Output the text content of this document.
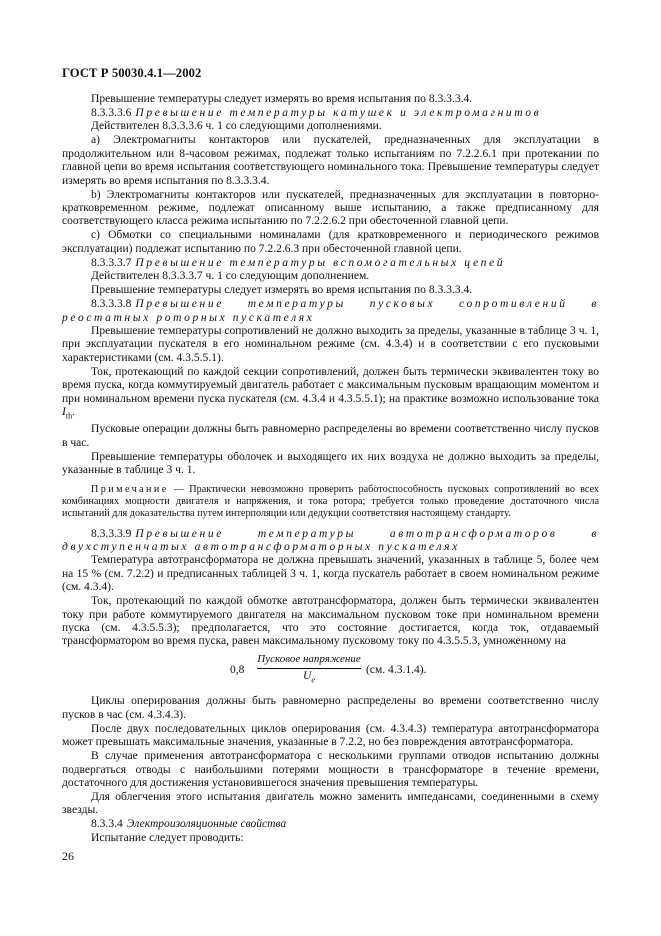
ГОСТ Р 50030.4.1—2002

Превышение температуры следует измерять во время испытания по 8.3.3.3.4.

8.3.3.3.6 Превышение температуры катушек и электромагнитов

Действителен 8.3.3.3.6 ч. 1 со следующими дополнениями.

а) Электромагниты контакторов или пускателей, предназначенных для эксплуатации в продолжительном или 8-часовом режимах, подлежат только испытаниям по 7.2.2.6.1 при протекании по главной цепи во время испытания соответствующего номинального тока. Превышение температуры следует измерять во время испытания по 8.3.3.3.4.

b) Электромагниты контакторов или пускателей, предназначенных для эксплуатации в повторно-кратковременном режиме, подлежат описанному выше испытанию, а также предписанному для соответствующего класса режима испытанию по 7.2.2.6.2 при обесточенной главной цепи.

с) Обмотки со специальными номиналами (для кратковременного и периодического режимов эксплуатации) подлежат испытанию по 7.2.2.6.3 при обесточенной главной цепи.

8.3.3.3.7 Превышение температуры вспомогательных цепей

Действителен 8.3.3.3.7 ч. 1 со следующим дополнением.

Превышение температуры следует измерять во время испытания по 8.3.3.3.4.

8.3.3.3.8 Превышение температуры пусковых сопротивлений в реостатных роторных пускателях

Превышение температуры сопротивлений не должно выходить за пределы, указанные в таблице 3 ч. 1, при эксплуатации пускателя в его номинальном режиме (см. 4.3.4) и в соответствии с его пусковыми характеристиками (см. 4.3.5.5.1).

Ток, протекающий по каждой секции сопротивлений, должен быть термически эквивалентен току во время пуска, когда коммутируемый двигатель работает с максимальным пусковым вращающим моментом и при номинальном времени пуска пускателя (см. 4.3.4 и 4.3.5.5.1); на практике возможно использование тока $I_{th}$.

Пусковые операции должны быть равномерно распределены во времени соответственно числу пусков в час.

Превышение температуры оболочек и выходящего их них воздуха не должно выходить за пределы, указанные в таблице 3 ч. 1.

Примечание — Практически невозможно проверить работоспособность пусковых сопротивлений во всех комбинациях мощности двигателя и напряжения, и тока ротора; требуется только проведение достаточного числа испытаний для доказательства путем интерполяции или дедукции соответствия настоящему стандарту.

8.3.3.3.9 Превышение температуры автотрансформаторов в двухступенчатых автотрансформаторных пускателях

Температура автотрансформатора не должна превышать значений, указанных в таблице 5, более чем на 15 % (см. 7.2.2) и предписанных таблицей 3 ч. 1, когда пускатель работает в своем номинальном режиме (см. 4.3.4).

Ток, протекающий по каждой обмотке автотрансформатора, должен быть термически эквивалентен току при работе коммутируемого двигателя на максимальном пусковом токе при номинальном времени пуска (см. 4.3.5.5.3); предполагается, что это состояние достигается, когда ток, отдаваемый трансформатором во время пуска, равен максимальному пусковому току по 4.3.5.5.3, умноженному на

0,8
Пусковое напряжение
$U_e$
(см. 4.3.1.4).

Циклы оперирования должны быть равномерно распределены во времени соответственно числу пусков в час (см. 4.3.4.3).

После двух последовательных циклов оперирования (см. 4.3.4.3) температура автотрансформатора может превышать максимальные значения, указанные в 7.2.2, но без повреждения автотрансформатора.

В случае применения автотрансформатора с несколькими группами отводов испытанию должны подвергаться отводы с наибольшими потерями мощности в трансформаторе в течение времени, достаточного для достижения установившегося значения превышения температуры.

Для облегчения этого испытания двигатель можно заменить импедансами, соединенными в схему звезды.

8.3.3.4 Электроизоляционные свойства

Испытание следует проводить:

26
